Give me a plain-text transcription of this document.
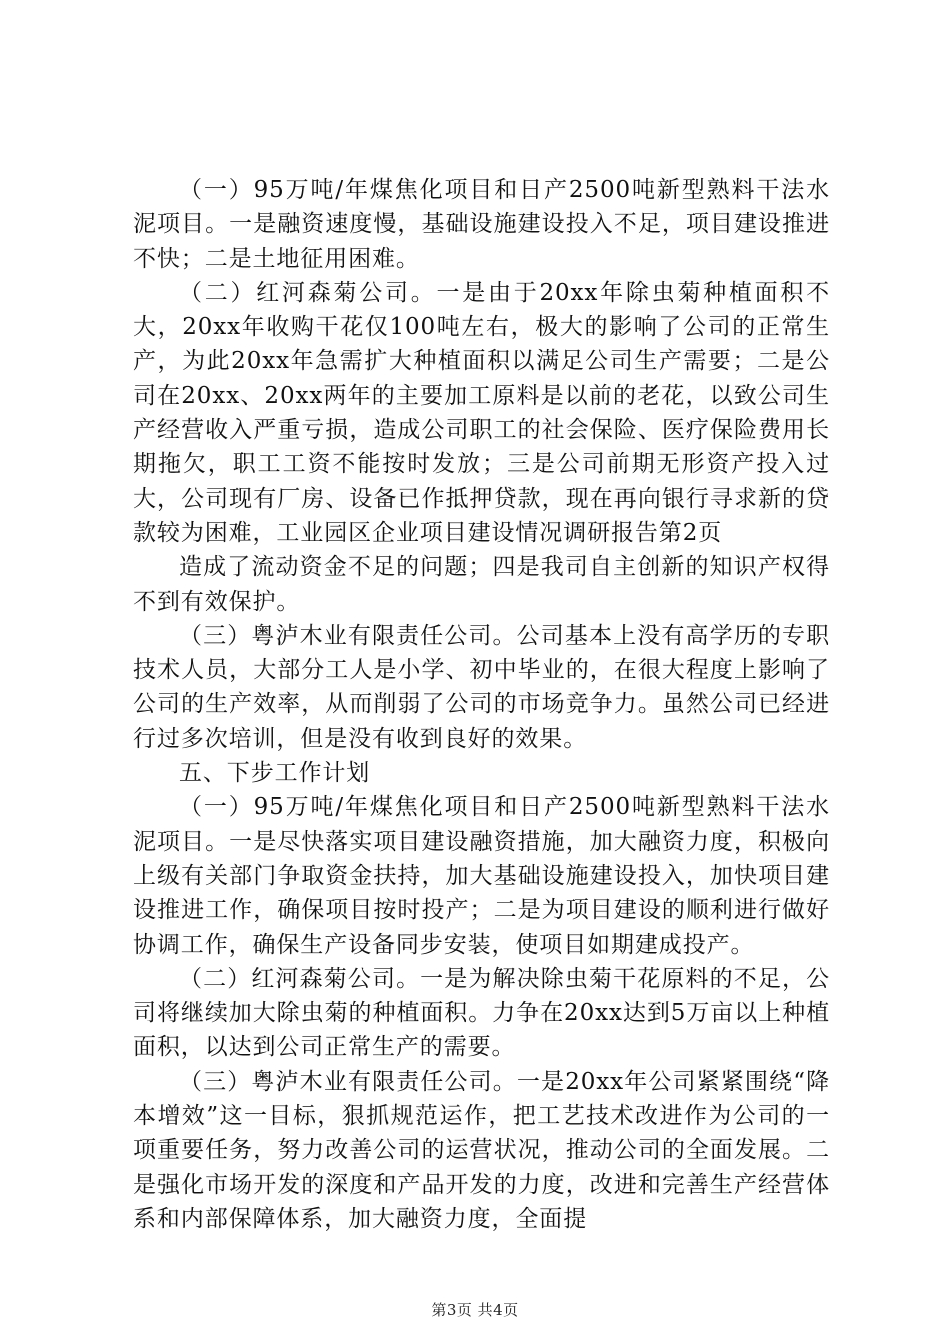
（一）95万吨/年煤焦化项目和日产2500吨新型熟料干法水泥项目。一是融资速度慢，基础设施建设投入不足，项目建设推进不快；二是土地征用困难。

（二）红河森菊公司。一是由于20xx年除虫菊种植面积不大，20xx年收购干花仅100吨左右，极大的影响了公司的正常生产，为此20xx年急需扩大种植面积以满足公司生产需要；二是公司在20xx、20xx两年的主要加工原料是以前的老花，以致公司生产经营收入严重亏损，造成公司职工的社会保险、医疗保险费用长期拖欠，职工工资不能按时发放；三是公司前期无形资产投入过大，公司现有厂房、设备已作抵押贷款，现在再向银行寻求新的贷款较为困难，工业园区企业项目建设情况调研报告第2页

造成了流动资金不足的问题；四是我司自主创新的知识产权得不到有效保护。

（三）粤泸木业有限责任公司。公司基本上没有高学历的专职技术人员，大部分工人是小学、初中毕业的，在很大程度上影响了公司的生产效率，从而削弱了公司的市场竞争力。虽然公司已经进行过多次培训，但是没有收到良好的效果。

五、下步工作计划

（一）95万吨/年煤焦化项目和日产2500吨新型熟料干法水泥项目。一是尽快落实项目建设融资措施，加大融资力度，积极向上级有关部门争取资金扶持，加大基础设施建设投入，加快项目建设推进工作，确保项目按时投产；二是为项目建设的顺利进行做好协调工作，确保生产设备同步安装，使项目如期建成投产。

（二）红河森菊公司。一是为解决除虫菊干花原料的不足，公司将继续加大除虫菊的种植面积。力争在20xx达到5万亩以上种植面积，以达到公司正常生产的需要。

（三）粤泸木业有限责任公司。一是20xx年公司紧紧围绕“降本增效”这一目标，狠抓规范运作，把工艺技术改进作为公司的一项重要任务，努力改善公司的运营状况，推动公司的全面发展。二是强化市场开发的深度和产品开发的力度，改进和完善生产经营体系和内部保障体系，加大融资力度，全面提

第3页 共4页
